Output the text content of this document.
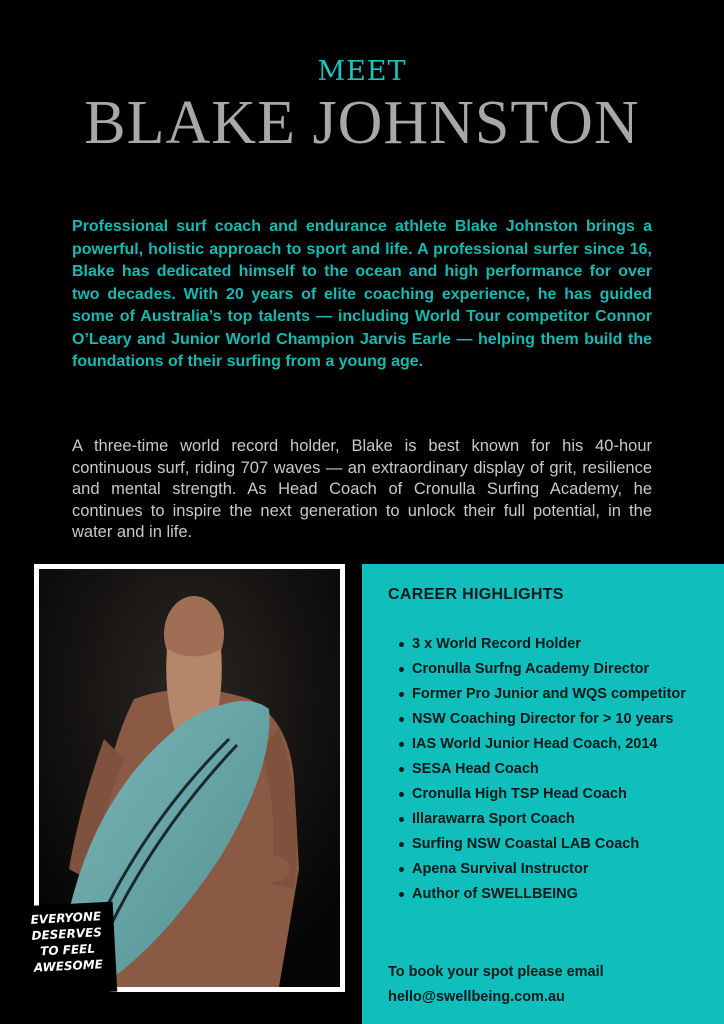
MEET
BLAKE JOHNSTON

Professional surf coach and endurance athlete Blake Johnston brings a powerful, holistic approach to sport and life. A professional surfer since 16, Blake has dedicated himself to the ocean and high performance for over two decades. With 20 years of elite coaching experience, he has guided some of Australia’s top talents — including World Tour competitor Connor O’Leary and Junior World Champion Jarvis Earle — helping them build the foundations of their surfing from a young age.

A three-time world record holder, Blake is best known for his 40-hour continuous surf, riding 707 waves — an extraordinary display of grit, resilience and mental strength. As Head Coach of Cronulla Surfing Academy, he continues to inspire the next generation to unlock their full potential, in the water and in life.

EVERYONE
DESERVES
TO FEEL
AWESOME
CAREER HIGHLIGHTS
3 x World Record Holder
Cronulla Surfng Academy Director
Former Pro Junior and WQS competitor
NSW Coaching Director for > 10 years
IAS World Junior Head Coach, 2014
SESA Head Coach
Cronulla High TSP Head Coach
Illarawarra Sport Coach
Surfing NSW Coastal LAB Coach
Apena Survival Instructor
Author of SWELLBEING

To book your spot please email
hello@swellbeing.com.au
